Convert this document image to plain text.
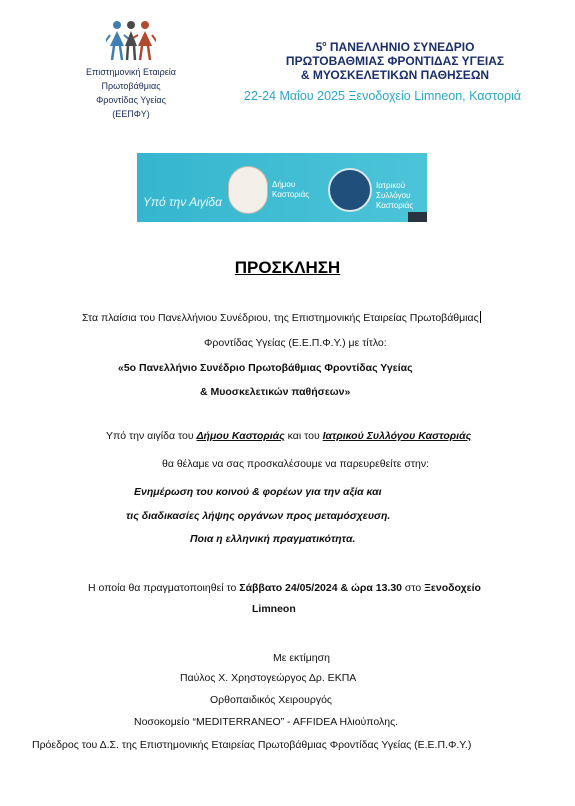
Επιστημονική Εταιρεία
Πρωτοβάθμιας
Φροντίδας Υγείας
(ΕΕΠΦΥ)
$5^o$ ΠΑΝΕΛΛΗΝΙΟ ΣΥΝΕΔΡΙΟ
ΠΡΩΤΟΒΑΘΜΙΑΣ ΦΡΟΝΤΙΔΑΣ ΥΓΕΙΑΣ
& ΜΥΟΣΚΕΛΕΤΙΚΩΝ ΠΑΘΗΣΕΩΝ
22-24 Μαΐου 2025 Ξενοδοχείο Limneon, Καστοριά
Υπό την Αιγίδα
Δήμου
Καστοριάς
Ιατρικού
Συλλόγου
Καστοριάς
ΠΡΟΣΚΛΗΣΗ
Στα πλαίσια του Πανελλήνιου Συνέδριου, της Επιστημονικής Εταιρείας Πρωτοβάθμιας
Φροντίδας Υγείας (Ε.Ε.Π.Φ.Υ.) με τίτλο:
«5ο Πανελλήνιο Συνέδριο Πρωτοβάθμιας Φροντίδας Υγείας
& Μυοσκελετικών παθήσεων»
Υπό την αιγίδα του Δήμου Καστοριάς και του Ιατρικού Συλλόγου Καστοριάς
θα θέλαμε να σας προσκαλέσουμε να παρευρεθείτε στην:
Ενημέρωση του κοινού & φορέων για την αξία και
τις διαδικασίες λήψης οργάνων προς μεταμόσχευση.
Ποια η ελληνική πραγματικότητα.
Η οποία θα πραγματοποιηθεί το Σάββατο 24/05/2024 & ώρα 13.30 στο Ξενοδοχείο
Limneon
Με εκτίμηση
Παύλος Χ. Χρηστογεώργος Δρ. ΕΚΠΑ
Ορθοπαιδικός Χειρουργός
Νοσοκομείο “MEDITERRANEO” - AFFIDEA Ηλιούπολης.
Πρόεδρος του Δ.Σ. της Επιστημονικής Εταιρείας Πρωτοβάθμιας Φροντίδας Υγείας (Ε.Ε.Π.Φ.Υ.)
